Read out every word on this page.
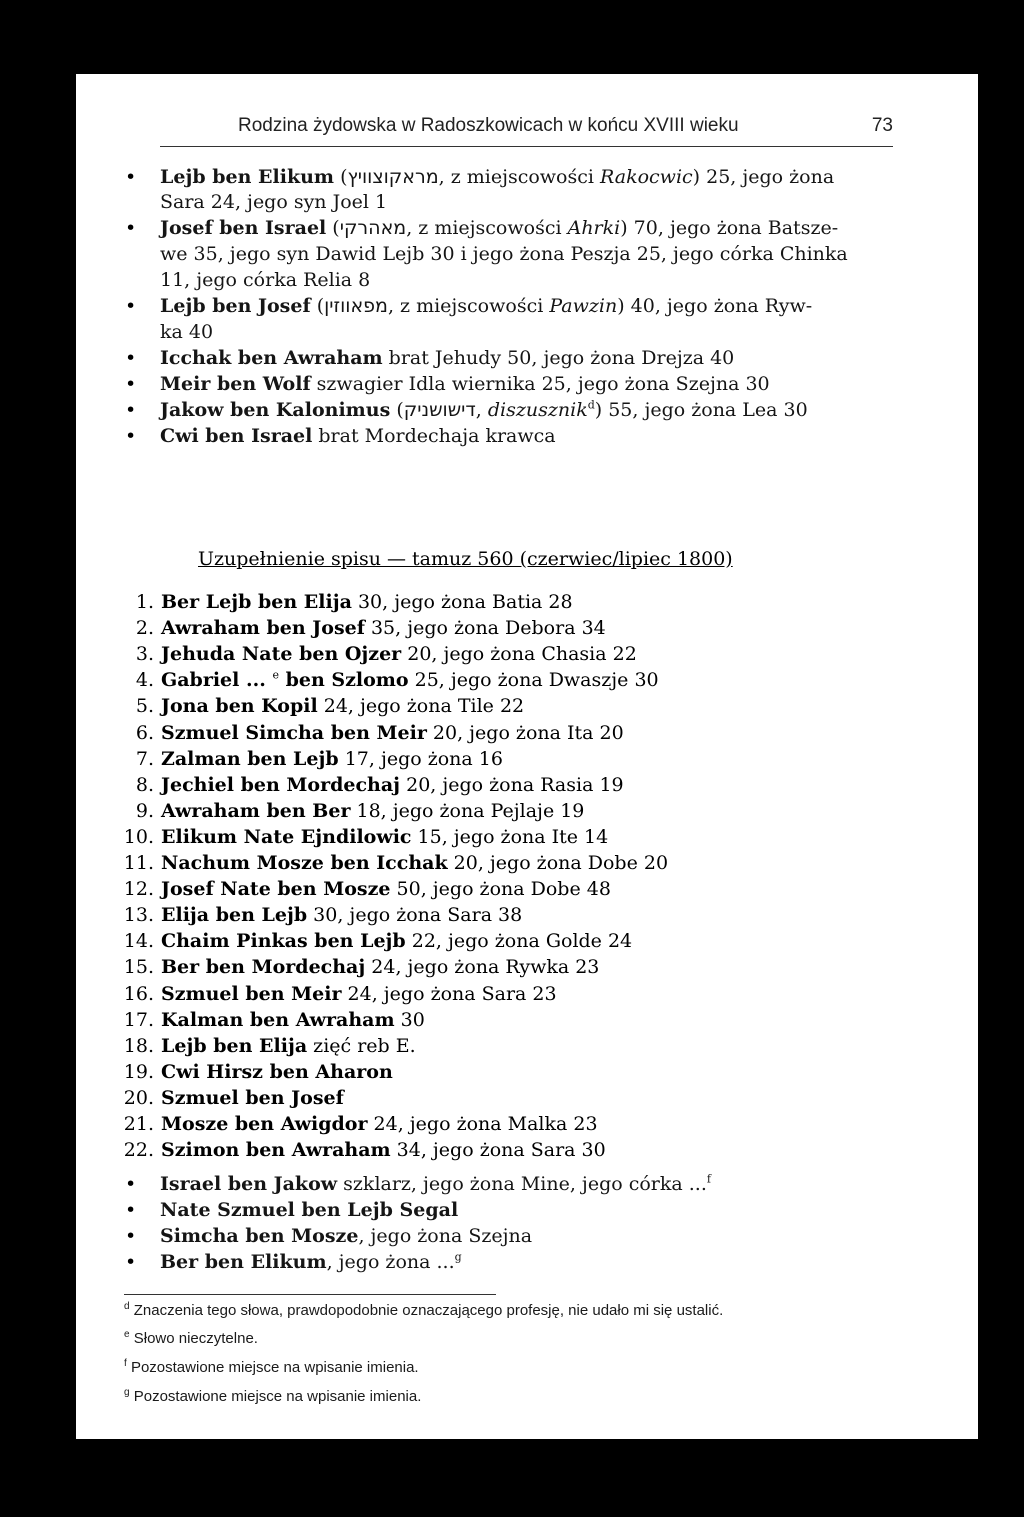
Rodzina żydowska w Radoszkowicach w końcu XVIII wieku	73
• Lejb ben Elikum (מראקוצוויץ, z miejscowości Rakocwic) 25, jego żona
Sara 24, jego syn Joel 1
• Josef ben Israel (מאהרקי, z miejscowości Ahrki) 70, jego żona Batsze-
we 35, jego syn Dawid Lejb 30 i jego żona Peszja 25, jego córka Chinka
11, jego córka Relia 8
• Lejb ben Josef (מפאווזין, z miejscowości Pawzin) 40, jego żona Ryw-
ka 40
• Icchak ben Awraham brat Jehudy 50, jego żona Drejza 40
• Meir ben Wolf szwagier Idla wiernika 25, jego żona Szejna 30
• Jakow ben Kalonimus (דישושניק, diszusznik$^d$) 55, jego żona Lea 30
• Cwi ben Israel brat Mordechaja krawca
Uzupełnienie spisu — tamuz 560 (czerwiec/lipiec 1800)
1. Ber Lejb ben Elija 30, jego żona Batia 28
2. Awraham ben Josef 35, jego żona Debora 34
3. Jehuda Nate ben Ojzer 20, jego żona Chasia 22
4. Gabriel ... $^e$ ben Szlomo 25, jego żona Dwaszje 30
5. Jona ben Kopil 24, jego żona Tile 22
6. Szmuel Simcha ben Meir 20, jego żona Ita 20
7. Zalman ben Lejb 17, jego żona 16
8. Jechiel ben Mordechaj 20, jego żona Rasia 19
9. Awraham ben Ber 18, jego żona Pejlaje 19
10. Elikum Nate Ejndilowic 15, jego żona Ite 14
11. Nachum Mosze ben Icchak 20, jego żona Dobe 20
12. Josef Nate ben Mosze 50, jego żona Dobe 48
13. Elija ben Lejb 30, jego żona Sara 38
14. Chaim Pinkas ben Lejb 22, jego żona Golde 24
15. Ber ben Mordechaj 24, jego żona Rywka 23
16. Szmuel ben Meir 24, jego żona Sara 23
17. Kalman ben Awraham 30
18. Lejb ben Elija zięć reb E.
19. Cwi Hirsz ben Aharon
20. Szmuel ben Josef
21. Mosze ben Awigdor 24, jego żona Malka 23
22. Szimon ben Awraham 34, jego żona Sara 30
• Israel ben Jakow szklarz, jego żona Mine, jego córka ...$^f$
• Nate Szmuel ben Lejb Segal
• Simcha ben Mosze, jego żona Szejna
• Ber ben Elikum, jego żona ...$^g$
$^d$ Znaczenia tego słowa, prawdopodobnie oznaczającego profesję, nie udało mi się ustalić.
$^e$ Słowo nieczytelne.
$^f$ Pozostawione miejsce na wpisanie imienia.
$^g$ Pozostawione miejsce na wpisanie imienia.
